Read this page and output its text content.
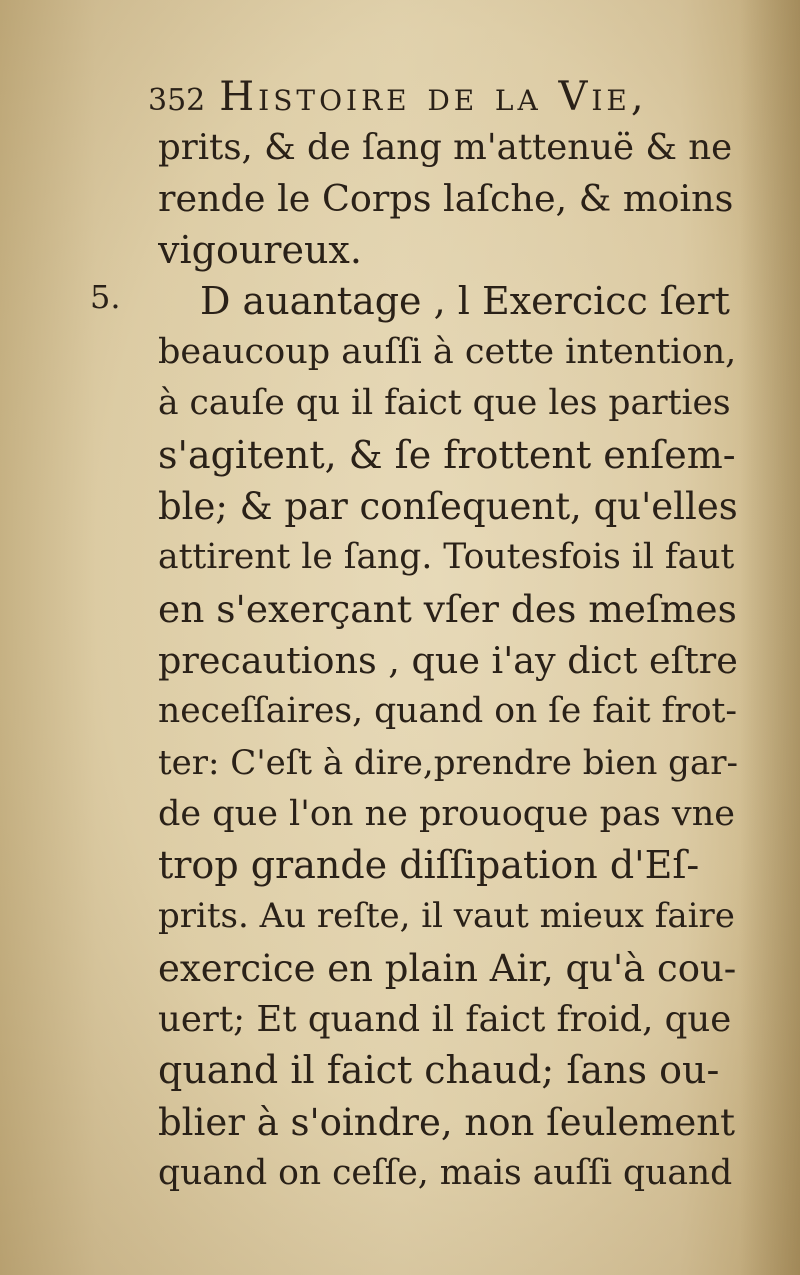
352 Histoire de la Vie,
5.
prits, & de ſang m'attenuë & ne
rende le Corps laſche, & moins
vigoureux.
D auantage , l Exercicc ſert
beaucoup auſſi à cette intention,
à cauſe qu il faict que les parties
s'agitent, & ſe frottent enſem-
ble; & par conſequent, qu'elles
attirent le ſang. Toutesfois il faut
en s'exerçant vſer des meſmes
precautions , que i'ay dict eſtre
neceſſaires, quand on ſe fait frot-
ter: C'eſt à dire,prendre bien gar-
de que l'on ne prouoque pas vne
trop grande diſſipation d'Eſ-
prits. Au reſte, il vaut mieux faire
exercice en plain Air, qu'à cou-
uert; Et quand il faict froid, que
quand il faict chaud; ſans ou-
blier à s'oindre, non ſeulement
quand on ceſſe, mais auſſi quand
